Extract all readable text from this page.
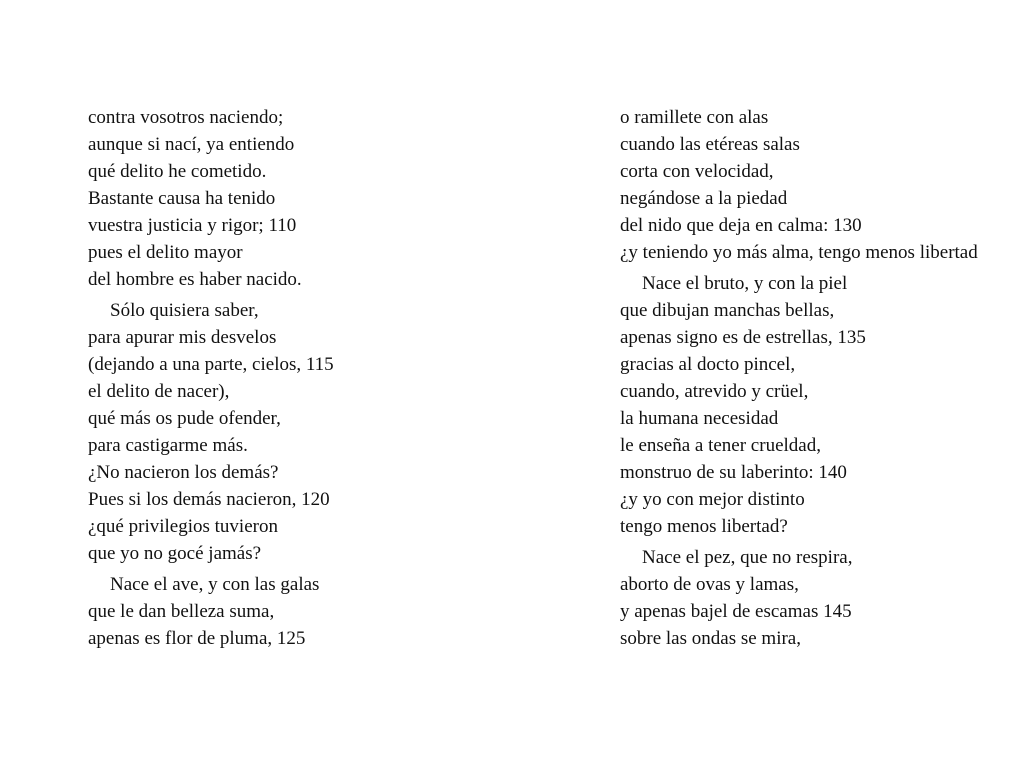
contra vosotros naciendo;
aunque si nací, ya entiendo
qué delito he cometido.
Bastante causa ha tenido
vuestra justicia y rigor; 110
pues el delito mayor
del hombre es haber nacido.
Sólo quisiera saber,
para apurar mis desvelos
(dejando a una parte, cielos, 115
el delito de nacer),
qué más os pude ofender,
para castigarme más.
¿No nacieron los demás?
Pues si los demás nacieron, 120
¿qué privilegios tuvieron
que yo no gocé jamás?
Nace el ave, y con las galas
que le dan belleza suma,
apenas es flor de pluma, 125
o ramillete con alas
cuando las etéreas salas
corta con velocidad,
negándose a la piedad
del nido que deja en calma: 130
¿y teniendo yo más alma, tengo menos libertad
Nace el bruto, y con la piel
que dibujan manchas bellas,
apenas signo es de estrellas, 135
gracias al docto pincel,
cuando, atrevido y crüel,
la humana necesidad
le enseña a tener crueldad,
monstruo de su laberinto: 140
¿y yo con mejor distinto
tengo menos libertad?
Nace el pez, que no respira,
aborto de ovas y lamas,
y apenas bajel de escamas 145
sobre las ondas se mira,
